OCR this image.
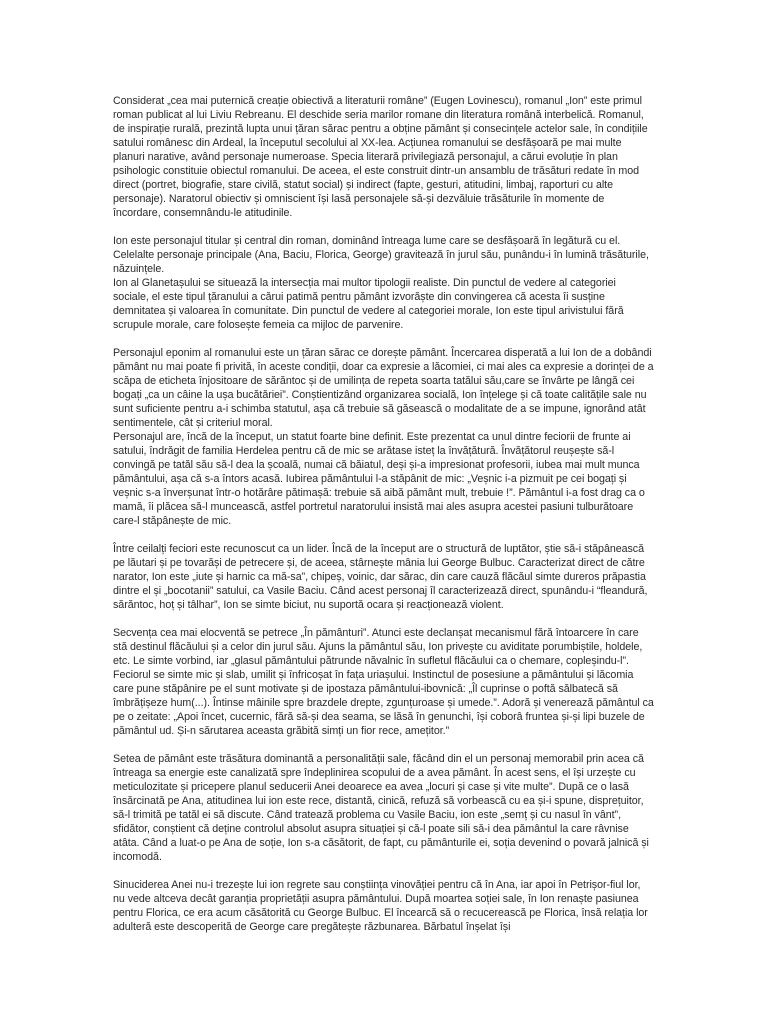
Considerat „cea mai puternică creație obiectivă a literaturii române” (Eugen Lovinescu), romanul „Ion” este primul roman publicat al lui Liviu Rebreanu. El deschide seria marilor romane din literatura română interbelică. Romanul, de inspirație rurală, prezintă lupta unui țăran sărac pentru a obține pământ și consecințele actelor sale, în condițiile satului românesc din Ardeal, la începutul secolului al XX-lea. Acțiunea romanului se desfășoară pe mai multe planuri narative, având personaje numeroase. Specia literară privilegiază personajul, a cărui evoluție în plan psihologic constituie obiectul romanului. De aceea, el este construit dintr-un ansamblu de trăsături redate în mod direct (portret, biografie, stare civilă, statut social) și indirect (fapte, gesturi, atitudini, limbaj, raporturi cu alte personaje). Naratorul obiectiv și omniscient își lasă personajele să-și dezvăluie trăsăturile în momente de încordare, consemnându-le atitudinile.

Ion este personajul titular și central din roman, dominând întreaga lume care se desfășoară în legătură cu el. Celelalte personaje principale (Ana, Baciu, Florica, George) gravitează în jurul său, punându-i în lumină trăsăturile, năzuințele.

Ion al Glanetașului se situează la intersecția mai multor tipologii realiste. Din punctul de vedere al categoriei sociale, el este tipul țăranului a cărui patimă pentru pământ izvorăște din convingerea că acesta îi susține demnitatea și valoarea în comunitate. Din punctul de vedere al categoriei morale, Ion este tipul arivistului fără scrupule morale, care folosește femeia ca mijloc de parvenire.

Personajul eponim al romanului este un țăran sărac ce dorește pământ. Încercarea disperată a lui Ion de a dobândi pământ nu mai poate fi privită, în aceste condiții, doar ca expresie a lăcomiei, ci mai ales ca expresie a dorinței de a scăpa de eticheta înjositoare de sărăntoc și de umilința de repeta soarta tatălui său,care se învârte pe lângă cei bogați „ca un câine la ușa bucătăriei”. Conștientizând organizarea socială, Ion înțelege și că toate calitățile sale nu sunt suficiente pentru a-i schimba statutul, așa că trebuie să găsească o modalitate de a se impune, ignorând atât sentimentele, cât și criteriul moral.

Personajul are, încă de la început, un statut foarte bine definit. Este prezentat ca unul dintre feciorii de frunte ai satului, îndrăgit de familia Herdelea pentru că de mic se arătase isteț la învățătură. Învățătorul reușește să-l convingă pe tatăl său să-l dea la școală, numai că băiatul, deși și-a impresionat profesorii, iubea mai mult munca pământului, așa că s-a întors acasă. Iubirea pământului l-a stăpânit de mic: „Veșnic i-a pizmuit pe cei bogați și veșnic s-a înverșunat într-o hotărâre pătimașă: trebuie să aibă pământ mult, trebuie !”. Pământul i-a fost drag ca o mamă, îi plăcea să-l muncească, astfel portretul naratorului insistă mai ales asupra acestei pasiuni tulburătoare care-l stăpânește de mic.

Între ceilalți feciori este recunoscut ca un lider. Încă de la început are o structură de luptător, știe să-i stăpânească pe lăutari și pe tovarăși de petrecere și, de aceea, stârnește mânia lui George Bulbuc. Caracterizat direct de către narator, Ion este „iute și harnic ca mă-sa”, chipeș, voinic, dar sărac, din care cauză flăcăul simte dureros prăpastia dintre el și „bocotanii” satului, ca Vasile Baciu. Când acest personaj îl caracterizează direct, spunându-i “fleandură, sărăntoc, hoț și tâlhar”, Ion se simte biciut, nu suportă ocara și reacționează violent.

Secvența cea mai elocventă se petrece „În pământuri”. Atunci este declanșat mecanismul fără întoarcere în care stă destinul flăcăului și a celor din jurul său. Ajuns la pământul său, Ion privește cu aviditate porumbiștile, holdele, etc. Le simte vorbind, iar „glasul pământului pătrunde năvalnic în sufletul flăcăului ca o chemare, copleșindu-l”. Feciorul se simte mic și slab, umilit și înfricoșat în fața uriașului. Instinctul de posesiune a pământului și lăcomia care pune stăpânire pe el sunt motivate și de ipostaza pământului-ibovnică: „Îl cuprinse o poftă sălbatecă să îmbrățișeze hum(...). Întinse mâinile spre brazdele drepte, zgunțuroase și umede.”. Adoră și venerează pământul ca pe o zeitate: „Apoi încet, cucernic, fără să-și dea seama, se lăsă în genunchi, își coborâ fruntea și-și lipi buzele de pământul ud. Și-n sărutarea aceasta grăbită simți un fior rece, amețitor.”

Setea de pământ este trăsătura dominantă a personalității sale, făcând din el un personaj memorabil prin acea că întreaga sa energie este canalizată spre îndeplinirea scopului de a avea pământ. În acest sens, el își urzește cu meticulozitate și pricepere planul seducerii Anei deoarece ea avea „locuri și case și vite multe”. După ce o lasă însărcinată pe Ana, atitudinea lui ion este rece, distantă, cinică, refuză să vorbească cu ea și-i spune, disprețuitor, să-l trimită pe tatăl ei să discute. Când tratează problema cu Vasile Baciu, ion este „semț și cu nasul în vânt”, sfidător, conștient că deține controlul absolut asupra situației și că-l poate sili să-i dea pământul la care râvnise atâta. Când a luat-o pe Ana de soție, Ion s-a căsătorit, de fapt, cu pământurile ei, soția devenind o povară jalnică și incomodă.

Sinuciderea Anei nu-i trezește lui ion regrete sau conștiința vinovăției pentru că în Ana, iar apoi în Petrișor-fiul lor, nu vede altceva decât garanția proprietății asupra pământului. După moartea soției sale, în Ion renaște pasiunea pentru Florica, ce era acum căsătorită cu George Bulbuc. El încearcă să o recucerească pe Florica, însă relația lor adulteră este descoperită de George care pregătește răzbunarea. Bărbatul înșelat își
